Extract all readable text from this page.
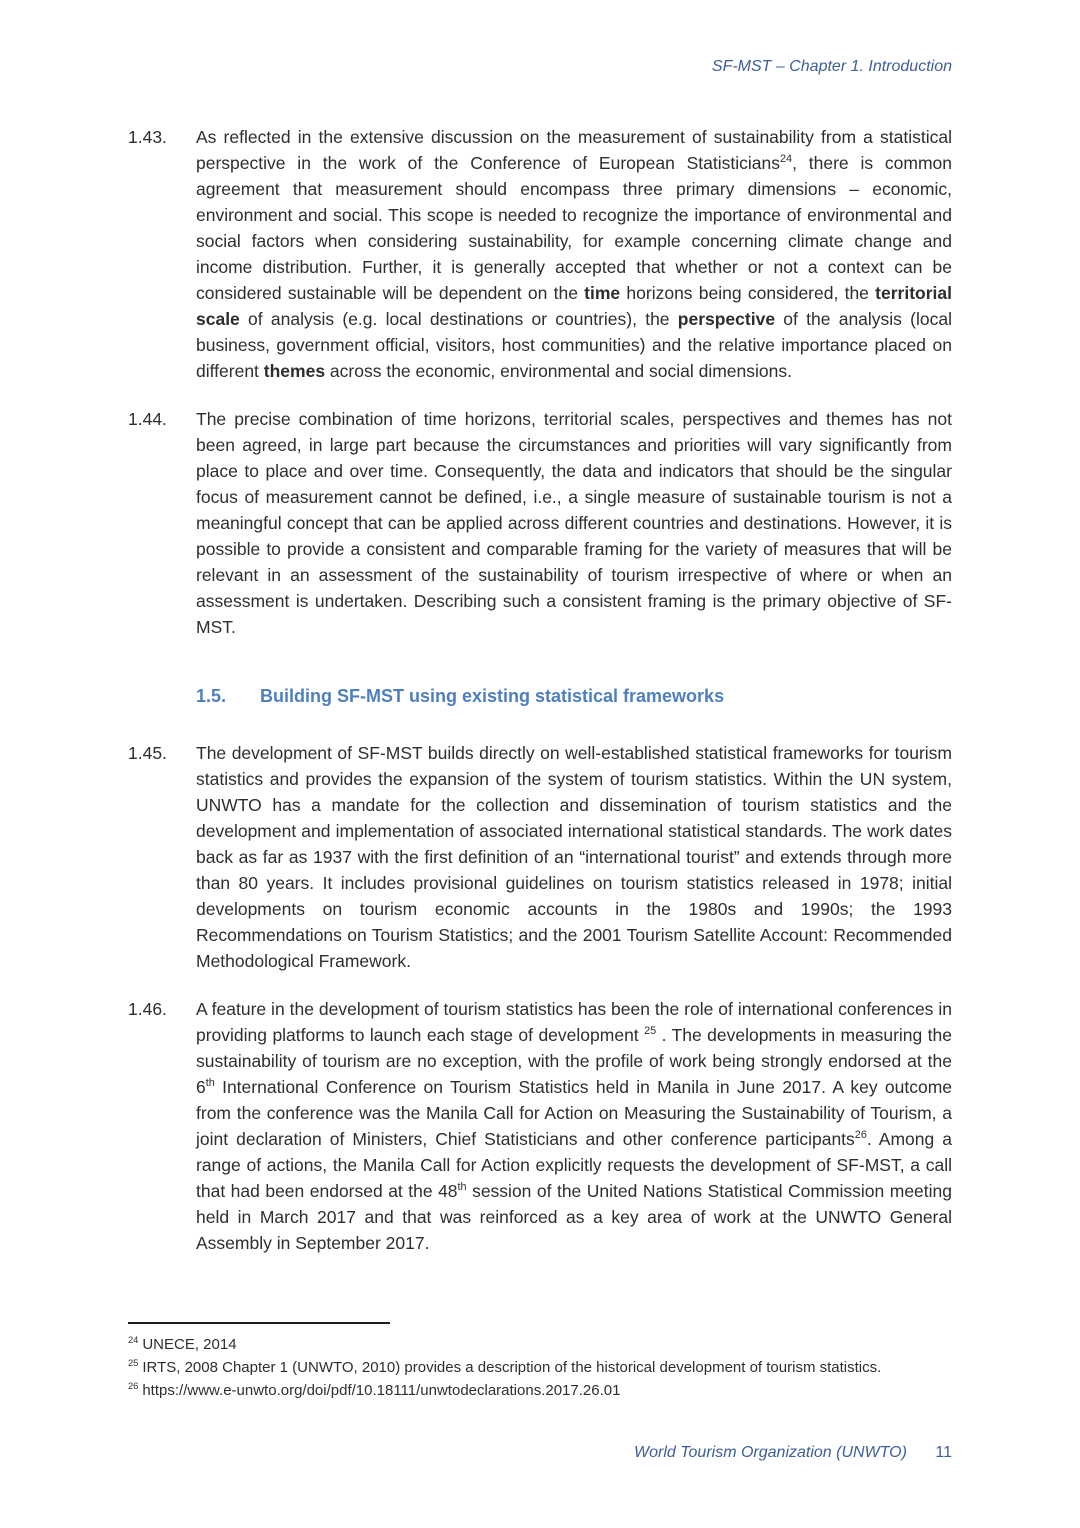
SF-MST – Chapter 1. Introduction
1.43.	As reflected in the extensive discussion on the measurement of sustainability from a statistical perspective in the work of the Conference of European Statisticians$^{24}$, there is common agreement that measurement should encompass three primary dimensions – economic, environment and social. This scope is needed to recognize the importance of environmental and social factors when considering sustainability, for example concerning climate change and income distribution. Further, it is generally accepted that whether or not a context can be considered sustainable will be dependent on the time horizons being considered, the territorial scale of analysis (e.g. local destinations or countries), the perspective of the analysis (local business, government official, visitors, host communities) and the relative importance placed on different themes across the economic, environmental and social dimensions.
1.44.	The precise combination of time horizons, territorial scales, perspectives and themes has not been agreed, in large part because the circumstances and priorities will vary significantly from place to place and over time. Consequently, the data and indicators that should be the singular focus of measurement cannot be defined, i.e., a single measure of sustainable tourism is not a meaningful concept that can be applied across different countries and destinations. However, it is possible to provide a consistent and comparable framing for the variety of measures that will be relevant in an assessment of the sustainability of tourism irrespective of where or when an assessment is undertaken. Describing such a consistent framing is the primary objective of SF-MST.
1.5.	Building SF-MST using existing statistical frameworks
1.45.	The development of SF-MST builds directly on well-established statistical frameworks for tourism statistics and provides the expansion of the system of tourism statistics. Within the UN system, UNWTO has a mandate for the collection and dissemination of tourism statistics and the development and implementation of associated international statistical standards. The work dates back as far as 1937 with the first definition of an “international tourist” and extends through more than 80 years. It includes provisional guidelines on tourism statistics released in 1978; initial developments on tourism economic accounts in the 1980s and 1990s; the 1993 Recommendations on Tourism Statistics; and the 2001 Tourism Satellite Account: Recommended Methodological Framework.
1.46.	A feature in the development of tourism statistics has been the role of international conferences in providing platforms to launch each stage of development $^{25}$ . The developments in measuring the sustainability of tourism are no exception, with the profile of work being strongly endorsed at the 6th International Conference on Tourism Statistics held in Manila in June 2017. A key outcome from the conference was the Manila Call for Action on Measuring the Sustainability of Tourism, a joint declaration of Ministers, Chief Statisticians and other conference participants$^{26}$. Among a range of actions, the Manila Call for Action explicitly requests the development of SF-MST, a call that had been endorsed at the 48th session of the United Nations Statistical Commission meeting held in March 2017 and that was reinforced as a key area of work at the UNWTO General Assembly in September 2017.
$^{24}$ UNECE, 2014
$^{25}$ IRTS, 2008 Chapter 1 (UNWTO, 2010) provides a description of the historical development of tourism statistics.
$^{26}$ https://www.e-unwto.org/doi/pdf/10.18111/unwtodeclarations.2017.26.01
World Tourism Organization (UNWTO) 11
